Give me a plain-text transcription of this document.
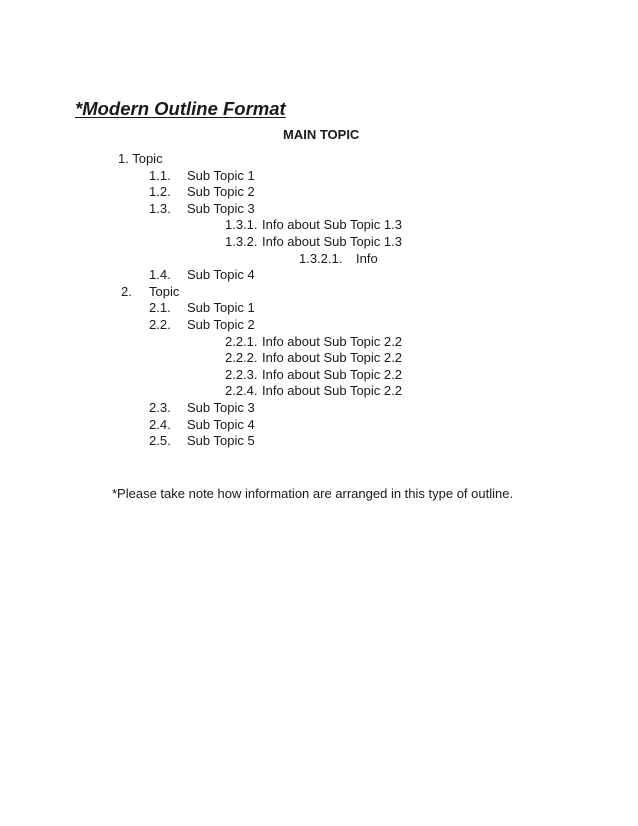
*Modern Outline Format
MAIN TOPIC
1. Topic
1.1. Sub Topic 1
1.2. Sub Topic 2
1.3. Sub Topic 3
1.3.1. Info about Sub Topic 1.3
1.3.2. Info about Sub Topic 1.3
1.3.2.1. Info
1.4. Sub Topic 4
2. Topic
2.1. Sub Topic 1
2.2. Sub Topic 2
2.2.1. Info about Sub Topic 2.2
2.2.2. Info about Sub Topic 2.2
2.2.3. Info about Sub Topic 2.2
2.2.4. Info about Sub Topic 2.2
2.3. Sub Topic 3
2.4. Sub Topic 4
2.5. Sub Topic 5
*Please take note how information are arranged in this type of outline.
